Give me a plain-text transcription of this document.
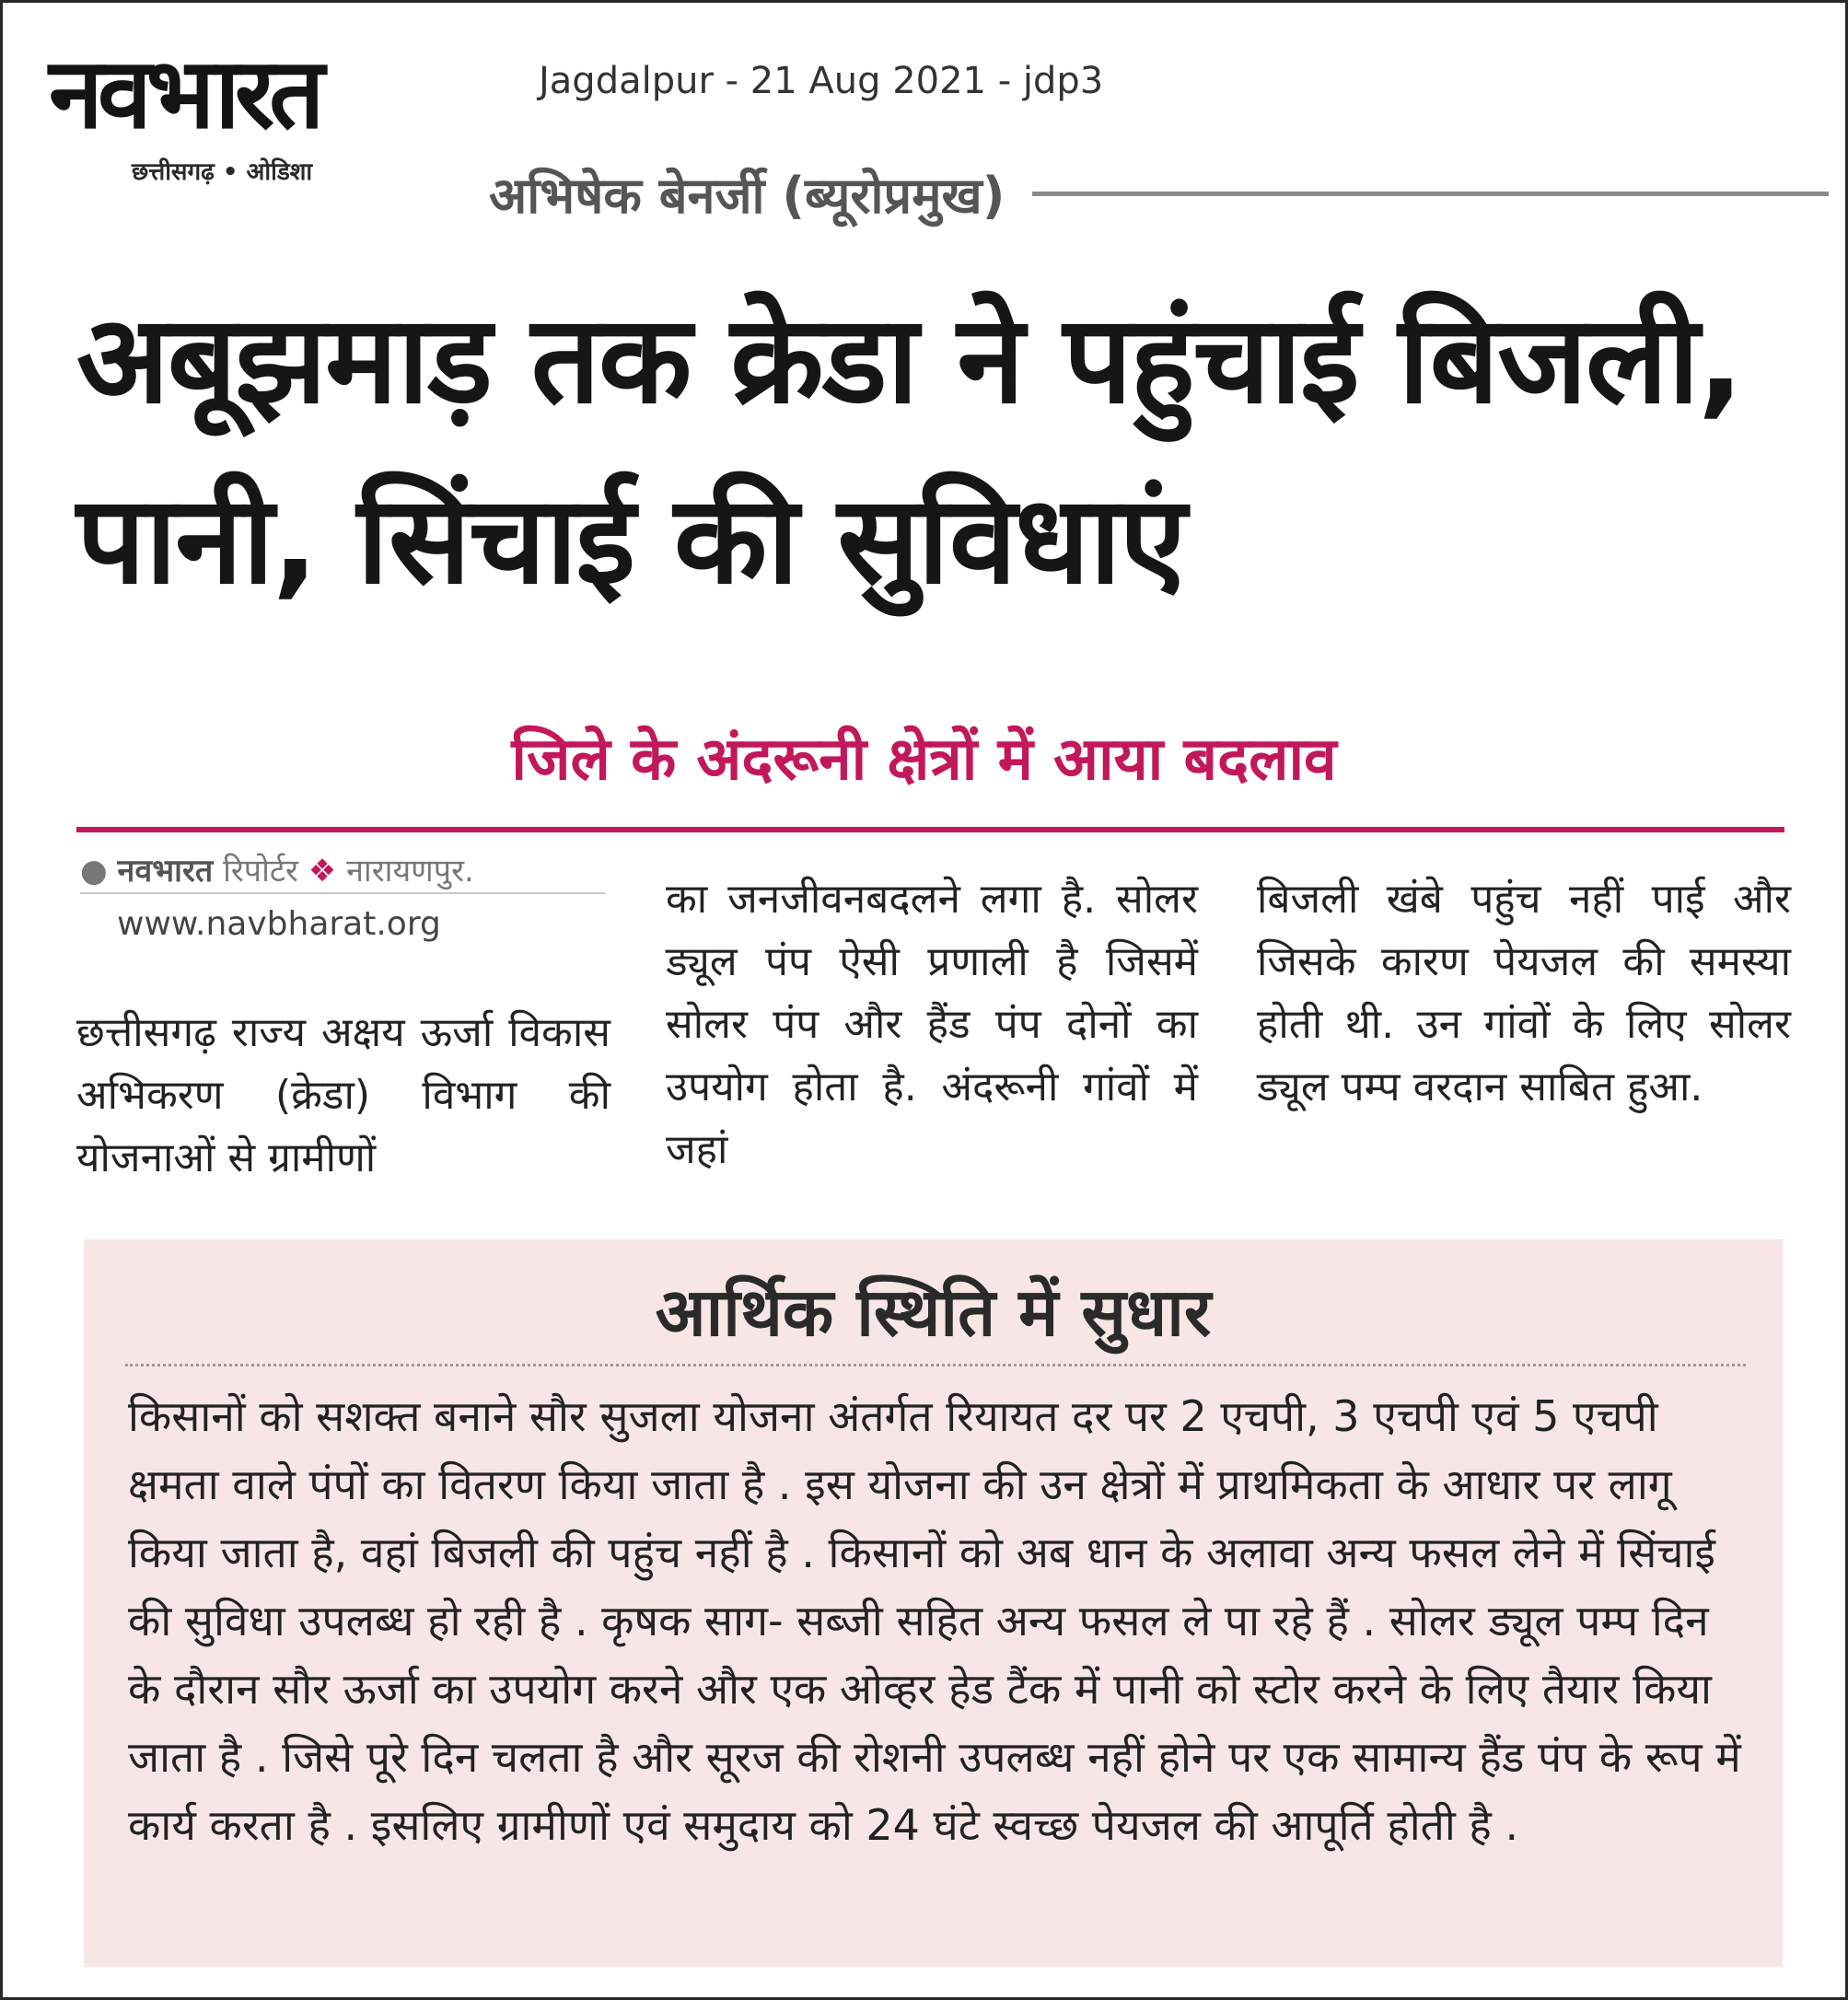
नवभारत
छत्तीसगढ़ • ओडिशा
Jagdalpur - 21 Aug 2021 - jdp3
अभिषेक बेनर्जी (ब्यूरोप्रमुख)
अबूझमाड़ तक क्रेडा ने पहुंचाई बिजली, पानी, सिंचाई की सुविधाएं
जिले के अंदरूनी क्षेत्रों में आया बदलाव
● नवभारत रिपोर्टर ❖ नारायणपुर.
www.navbharat.org
छत्तीसगढ़ राज्य अक्षय ऊर्जा विकास अभिकरण (क्रेडा) विभाग की योजनाओं से ग्रामीणों
का जनजीवनबदलने लगा है. सोलर ड्यूल पंप ऐसी प्रणाली है जिसमें सोलर पंप और हैंड पंप दोनों का उपयोग होता है. अंदरूनी गांवों में जहां
बिजली खंबे पहुंच नहीं पाई और जिसके कारण पेयजल की समस्या होती थी. उन गांवों के लिए सोलर ड्यूल पम्प वरदान साबित हुआ.
आर्थिक स्थिति में सुधार
किसानों को सशक्त बनाने सौर सुजला योजना अंतर्गत रियायत दर पर 2 एचपी, 3 एचपी एवं 5 एचपी क्षमता वाले पंपों का वितरण किया जाता है . इस योजना की उन क्षेत्रों में प्राथमिकता के आधार पर लागू किया जाता है, वहां बिजली की पहुंच नहीं है . किसानों को अब धान के अलावा अन्य फसल लेने में सिंचाई की सुविधा उपलब्ध हो रही है . कृषक साग- सब्जी सहित अन्य फसल ले पा रहे हैं . सोलर ड्यूल पम्प दिन के दौरान सौर ऊर्जा का उपयोग करने और एक ओव्हर हेड टैंक में पानी को स्टोर करने के लिए तैयार किया जाता है . जिसे पूरे दिन चलता है और सूरज की रोशनी उपलब्ध नहीं होने पर एक सामान्य हैंड पंप के रूप में कार्य करता है . इसलिए ग्रामीणों एवं समुदाय को 24 घंटे स्वच्छ पेयजल की आपूर्ति होती है .
